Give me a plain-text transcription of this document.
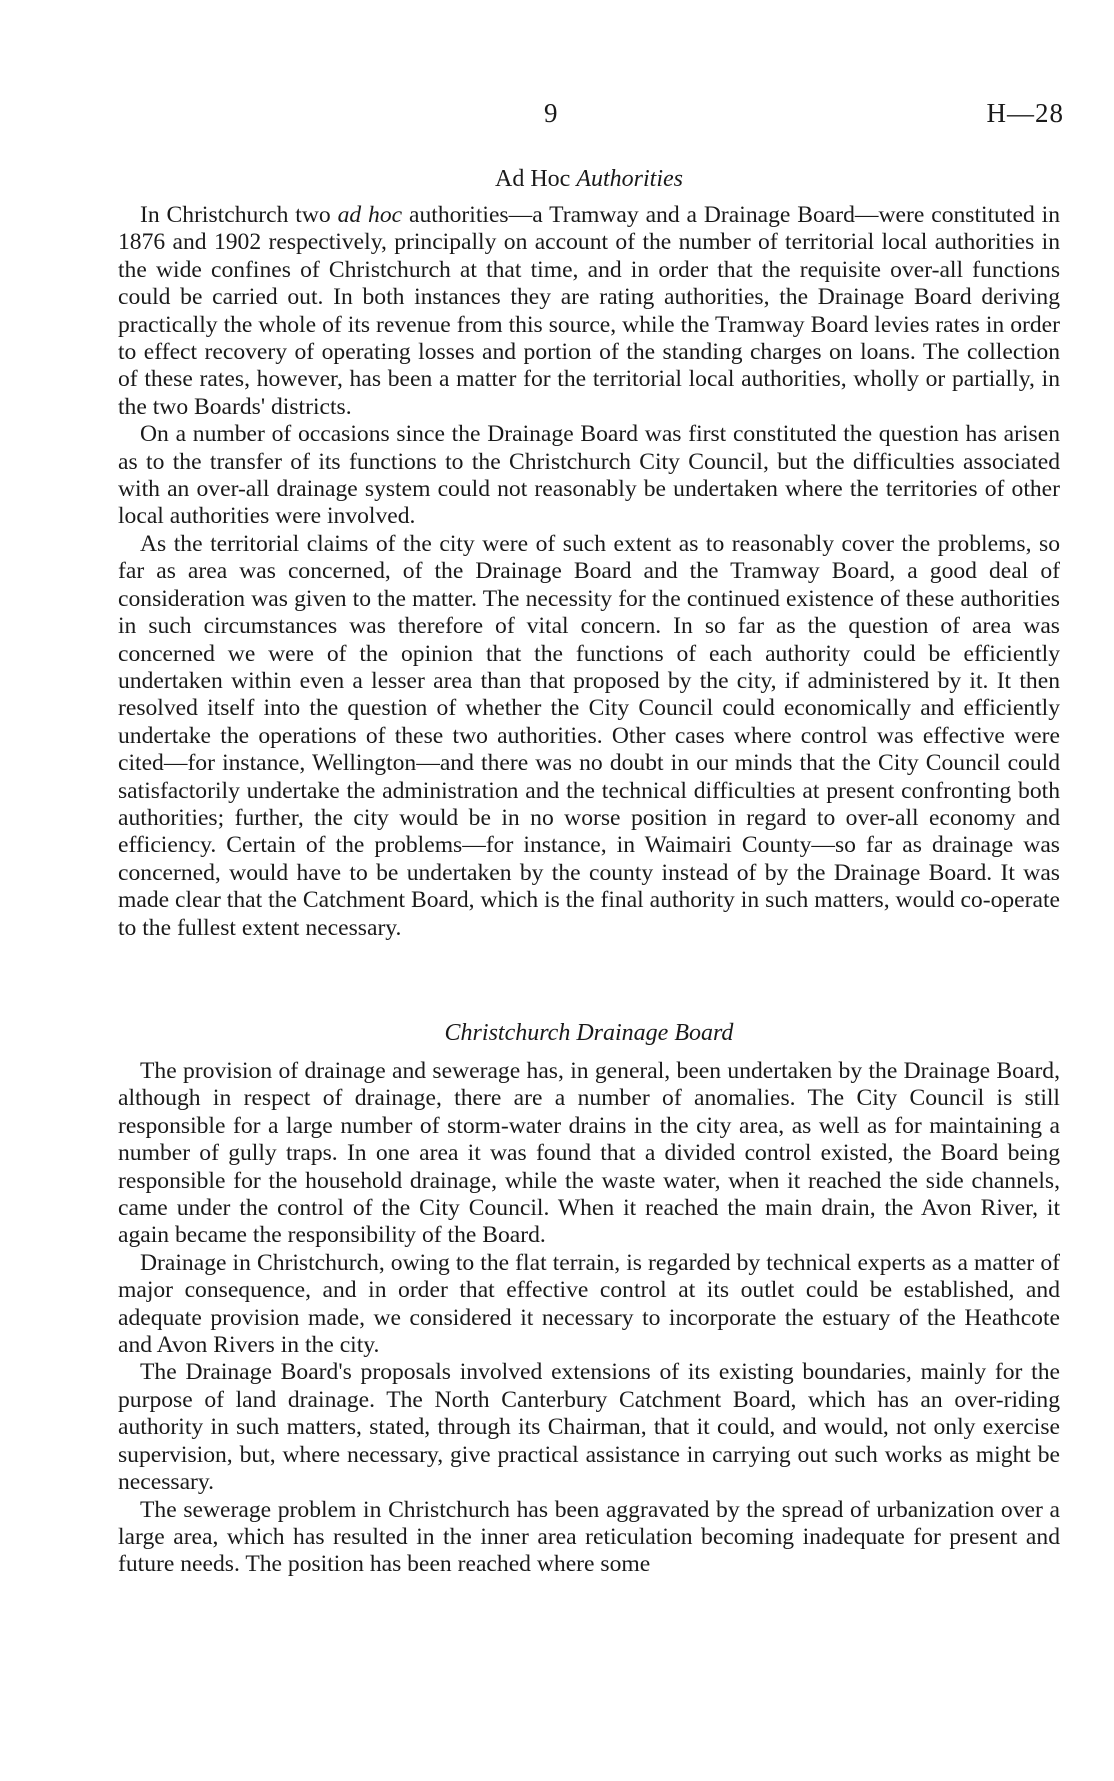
9	H—28
Ad Hoc Authorities

In Christchurch two ad hoc authorities—a Tramway and a Drainage Board—were constituted in 1876 and 1902 respectively, principally on account of the number of territorial local authorities in the wide confines of Christchurch at that time, and in order that the requisite over-all functions could be carried out. In both instances they are rating authorities, the Drainage Board deriving practically the whole of its revenue from this source, while the Tramway Board levies rates in order to effect recovery of operating losses and portion of the standing charges on loans. The collection of these rates, however, has been a matter for the territorial local authorities, wholly or partially, in the two Boards' districts.

On a number of occasions since the Drainage Board was first constituted the question has arisen as to the transfer of its functions to the Christchurch City Council, but the difficulties associated with an over-all drainage system could not reasonably be undertaken where the territories of other local authorities were involved.

As the territorial claims of the city were of such extent as to reasonably cover the problems, so far as area was concerned, of the Drainage Board and the Tramway Board, a good deal of consideration was given to the matter. The necessity for the continued existence of these authorities in such circumstances was therefore of vital concern. In so far as the question of area was concerned we were of the opinion that the functions of each authority could be efficiently undertaken within even a lesser area than that proposed by the city, if administered by it. It then resolved itself into the question of whether the City Council could economically and efficiently undertake the operations of these two authorities. Other cases where control was effective were cited—for instance, Wellington—and there was no doubt in our minds that the City Council could satisfactorily undertake the administration and the technical difficulties at present confronting both authorities; further, the city would be in no worse position in regard to over-all economy and efficiency. Certain of the problems—for instance, in Waimairi County—so far as drainage was concerned, would have to be undertaken by the county instead of by the Drainage Board. It was made clear that the Catchment Board, which is the final authority in such matters, would co-operate to the fullest extent necessary.

Christchurch Drainage Board

The provision of drainage and sewerage has, in general, been undertaken by the Drainage Board, although in respect of drainage, there are a number of anomalies. The City Council is still responsible for a large number of storm-water drains in the city area, as well as for maintaining a number of gully traps. In one area it was found that a divided control existed, the Board being responsible for the household drainage, while the waste water, when it reached the side channels, came under the control of the City Council. When it reached the main drain, the Avon River, it again became the responsibility of the Board.

Drainage in Christchurch, owing to the flat terrain, is regarded by technical experts as a matter of major consequence, and in order that effective control at its outlet could be established, and adequate provision made, we considered it necessary to incorporate the estuary of the Heathcote and Avon Rivers in the city.

The Drainage Board's proposals involved extensions of its existing boundaries, mainly for the purpose of land drainage. The North Canterbury Catchment Board, which has an over-riding authority in such matters, stated, through its Chairman, that it could, and would, not only exercise supervision, but, where necessary, give practical assistance in carrying out such works as might be necessary.

The sewerage problem in Christchurch has been aggravated by the spread of urbanization over a large area, which has resulted in the inner area reticulation becoming inadequate for present and future needs. The position has been reached where some
